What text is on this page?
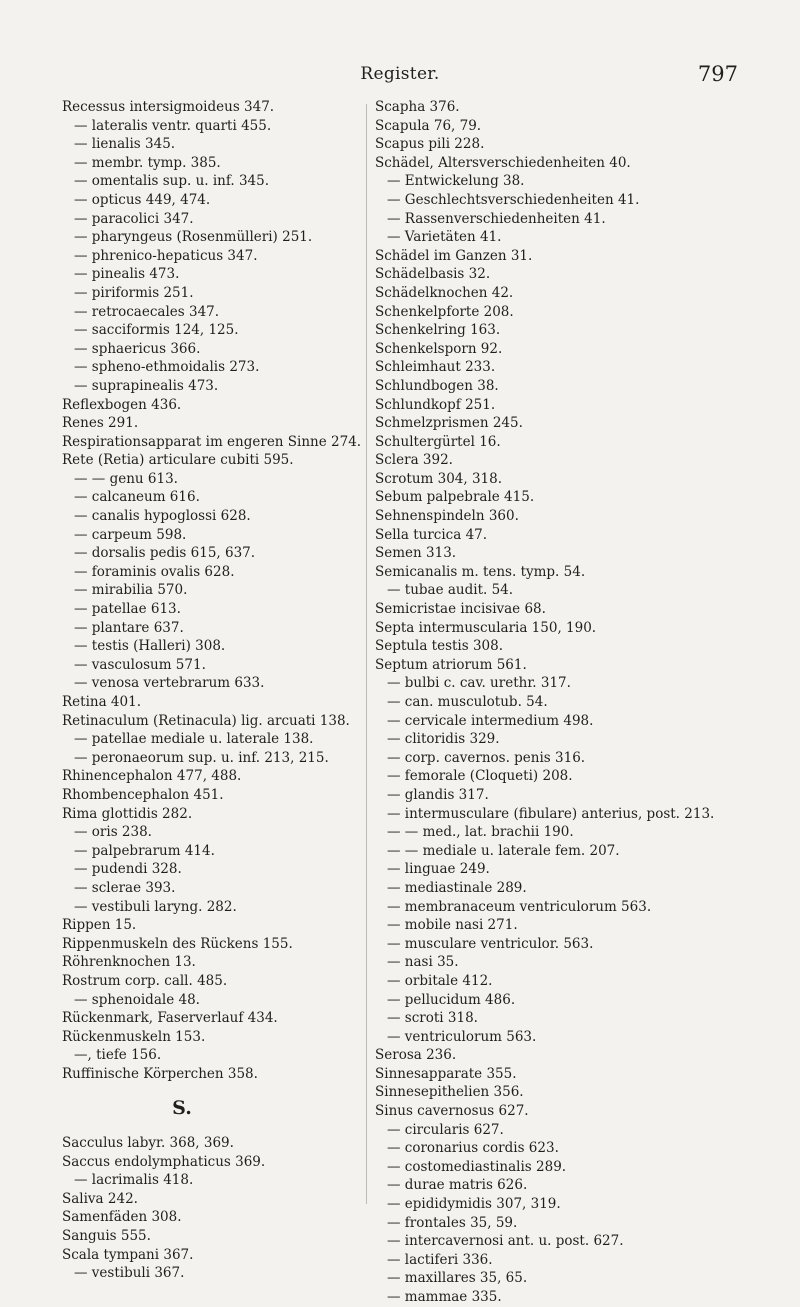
Register.	797
Recessus intersigmoideus 347.
— lateralis ventr. quarti 455.
— lienalis 345.
— membr. tymp. 385.
— omentalis sup. u. inf. 345.
— opticus 449, 474.
— paracolici 347.
— pharyngeus (Rosenmülleri) 251.
— phrenico-hepaticus 347.
— pinealis 473.
— piriformis 251.
— retrocaecales 347.
— sacciformis 124, 125.
— sphaericus 366.
— spheno-ethmoidalis 273.
— suprapinealis 473.
Reflexbogen 436.
Renes 291.
Respirationsapparat im engeren Sinne 274.
Rete (Retia) articulare cubiti 595.
— — genu 613.
— calcaneum 616.
— canalis hypoglossi 628.
— carpeum 598.
— dorsalis pedis 615, 637.
— foraminis ovalis 628.
— mirabilia 570.
— patellae 613.
— plantare 637.
— testis (Halleri) 308.
— vasculosum 571.
— venosa vertebrarum 633.
Retina 401.
Retinaculum (Retinacula) lig. arcuati 138.
— patellae mediale u. laterale 138.
— peronaeorum sup. u. inf. 213, 215.
Rhinencephalon 477, 488.
Rhombencephalon 451.
Rima glottidis 282.
— oris 238.
— palpebrarum 414.
— pudendi 328.
— sclerae 393.
— vestibuli laryng. 282.
Rippen 15.
Rippenmuskeln des Rückens 155.
Röhrenknochen 13.
Rostrum corp. call. 485.
— sphenoidale 48.
Rückenmark, Faserverlauf 434.
Rückenmuskeln 153.
—, tiefe 156.
Ruffinische Körperchen 358.
S.
Sacculus labyr. 368, 369.
Saccus endolymphaticus 369.
— lacrimalis 418.
Saliva 242.
Samenfäden 308.
Sanguis 555.
Scala tympani 367.
— vestibuli 367.
Scapha 376.
Scapula 76, 79.
Scapus pili 228.
Schädel, Altersverschiedenheiten 40.
— Entwickelung 38.
— Geschlechtsverschiedenheiten 41.
— Rassenverschiedenheiten 41.
— Varietäten 41.
Schädel im Ganzen 31.
Schädelbasis 32.
Schädelknochen 42.
Schenkelpforte 208.
Schenkelring 163.
Schenkelsporn 92.
Schleimhaut 233.
Schlundbogen 38.
Schlundkopf 251.
Schmelzprismen 245.
Schultergürtel 16.
Sclera 392.
Scrotum 304, 318.
Sebum palpebrale 415.
Sehnenspindeln 360.
Sella turcica 47.
Semen 313.
Semicanalis m. tens. tymp. 54.
— tubae audit. 54.
Semicristae incisivae 68.
Septa intermuscularia 150, 190.
Septula testis 308.
Septum atriorum 561.
— bulbi c. cav. urethr. 317.
— can. musculotub. 54.
— cervicale intermedium 498.
— clitoridis 329.
— corp. cavernos. penis 316.
— femorale (Cloqueti) 208.
— glandis 317.
— intermusculare (fibulare) anterius, post. 213.
— — med., lat. brachii 190.
— — mediale u. laterale fem. 207.
— linguae 249.
— mediastinale 289.
— membranaceum ventriculorum 563.
— mobile nasi 271.
— musculare ventriculor. 563.
— nasi 35.
— orbitale 412.
— pellucidum 486.
— scroti 318.
— ventriculorum 563.
Serosa 236.
Sinnesapparate 355.
Sinnesepithelien 356.
Sinus cavernosus 627.
— circularis 627.
— coronarius cordis 623.
— costomediastinalis 289.
— durae matris 626.
— epididymidis 307, 319.
— frontales 35, 59.
— intercavernosi ant. u. post. 627.
— lactiferi 336.
— maxillares 35, 65.
— mammae 335.
